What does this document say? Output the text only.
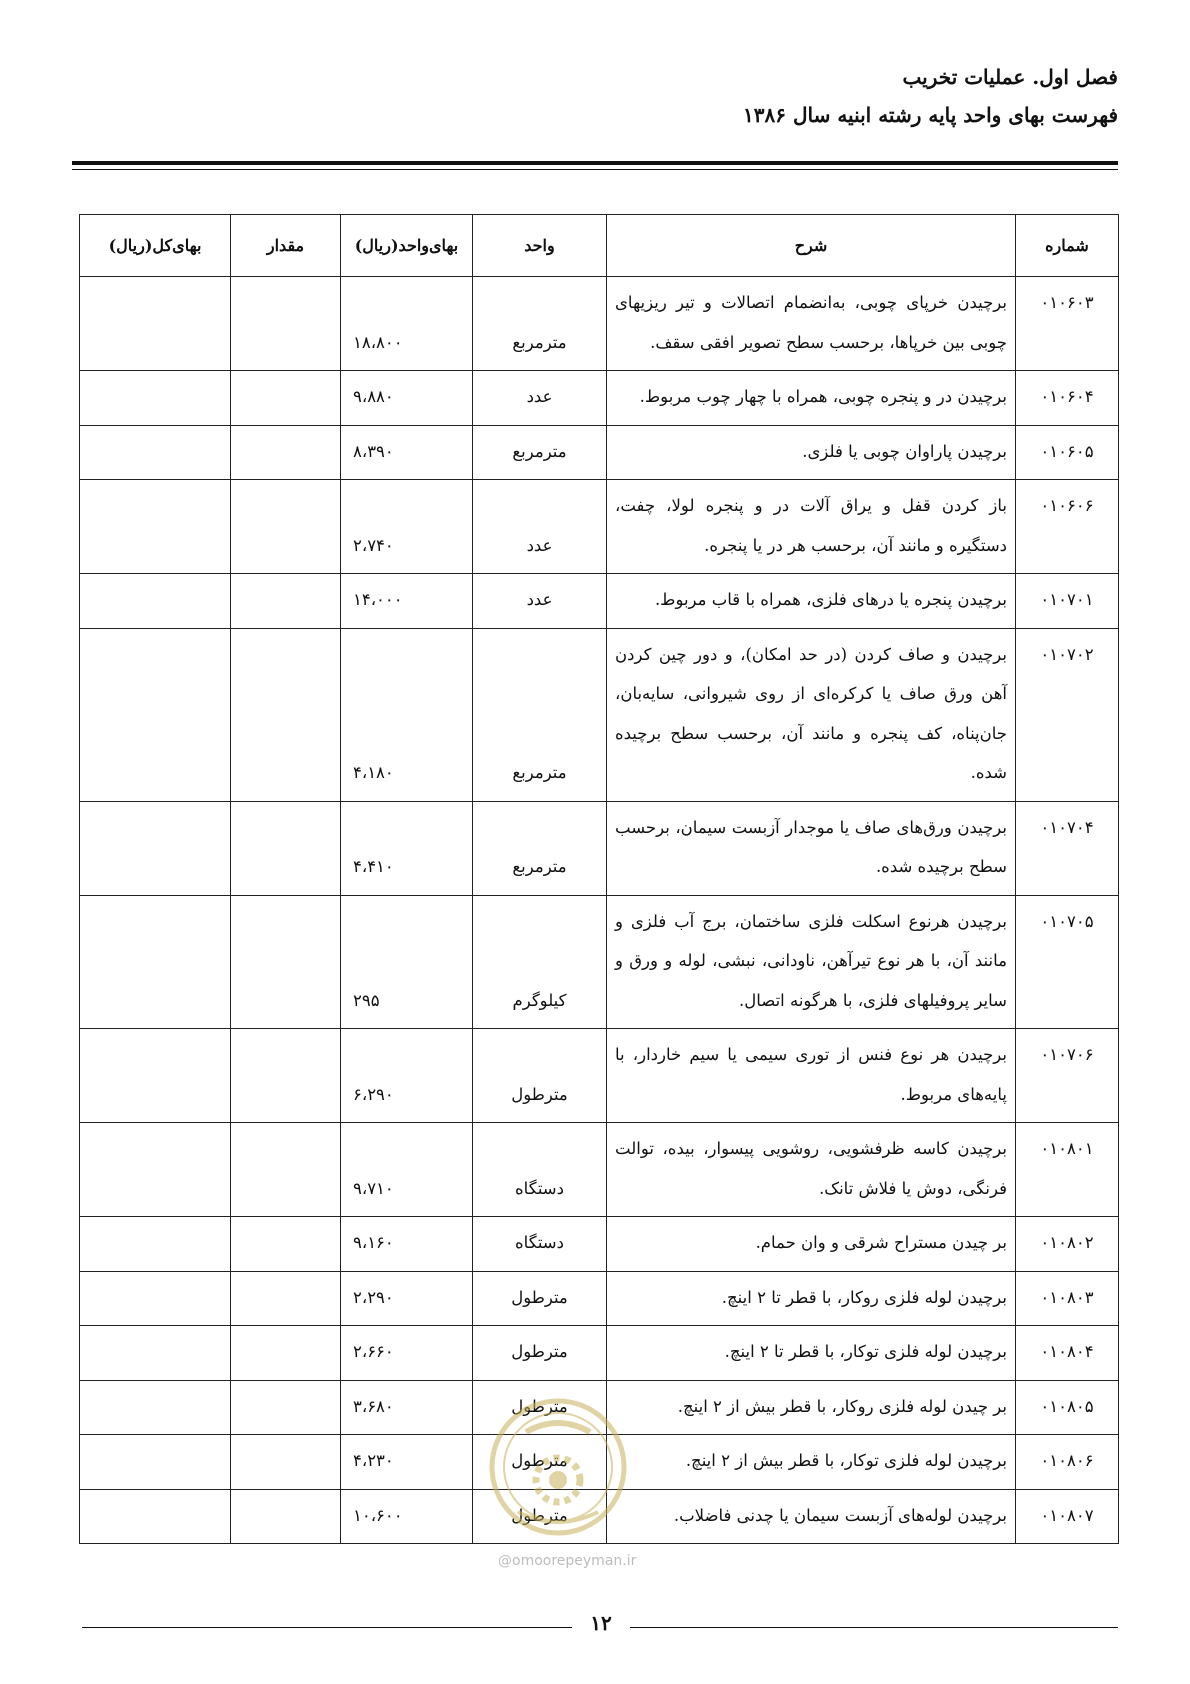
فصل اول. عملیات تخریب
فهرست بهای واحد پایه رشته ابنیه سال ۱۳۸۶
شماره	شرح	واحد	بهای‌واحد(ریال)	مقدار	بهای‌کل(ریال)
۰۱۰۶۰۳	برچیدن خرپای چوبی، به‌انضمام اتصالات و تیر ریزیهای چوبی بین خرپاها، برحسب سطح تصویر افقی سقف.	مترمربع	۱۸،۸۰۰		
۰۱۰۶۰۴	برچیدن در و پنجره چوبی، همراه با چهار چوب مربوط.	عدد	۹،۸۸۰		
۰۱۰۶۰۵	برچیدن پاراوان چوبی یا فلزی.	مترمربع	۸،۳۹۰		
۰۱۰۶۰۶	باز کردن قفل و یراق آلات در و پنجره لولا، چفت، دستگیره و مانند آن، برحسب هر در یا پنجره.	عدد	۲،۷۴۰		
۰۱۰۷۰۱	برچیدن پنجره یا درهای فلزی، همراه با قاب مربوط.	عدد	۱۴،۰۰۰		
۰۱۰۷۰۲	برچیدن و صاف کردن (در حد امکان)، و دور چین کردن آهن ورق صاف یا کرکره‌ای از روی شیروانی، سایه‌بان، جان‌پناه، کف پنجره و مانند آن، برحسب سطح برچیده شده.	مترمربع	۴،۱۸۰		
۰۱۰۷۰۴	برچیدن ورق‌های صاف یا موجدار آزبست سیمان، برحسب سطح برچیده شده.	مترمربع	۴،۴۱۰		
۰۱۰۷۰۵	برچیدن هرنوع اسکلت فلزی ساختمان، برج آب فلزی و مانند آن، با هر نوع تیرآهن، ناودانی، نبشی، لوله و ورق و سایر پروفیلهای فلزی، با هرگونه اتصال.	کیلوگرم	۲۹۵		
۰۱۰۷۰۶	برچیدن هر نوع فنس از توری سیمی یا سیم خاردار، با پایه‌های مربوط.	مترطول	۶،۲۹۰		
۰۱۰۸۰۱	برچیدن کاسه ظرفشویی، روشویی پیسوار، بیده، توالت فرنگی، دوش یا فلاش تانک.	دستگاه	۹،۷۱۰		
۰۱۰۸۰۲	بر چیدن مستراح شرقی و وان حمام.	دستگاه	۹،۱۶۰		
۰۱۰۸۰۳	برچیدن لوله فلزی روکار، با قطر تا ۲ اینچ.	مترطول	۲،۲۹۰		
۰۱۰۸۰۴	برچیدن لوله فلزی توکار، با قطر تا ۲ اینچ.	مترطول	۲،۶۶۰		
۰۱۰۸۰۵	بر چیدن لوله فلزی روکار، با قطر بیش از ۲ اینچ.	مترطول	۳،۶۸۰		
۰۱۰۸۰۶	برچیدن لوله فلزی توکار، با قطر بیش از ۲ اینچ.	مترطول	۴،۲۳۰		
۰۱۰۸۰۷	برچیدن لوله‌های آزبست سیمان یا چدنی فاضلاب.	مترطول	۱۰،۶۰۰		
@omoorepeyman.ir
۱۲
